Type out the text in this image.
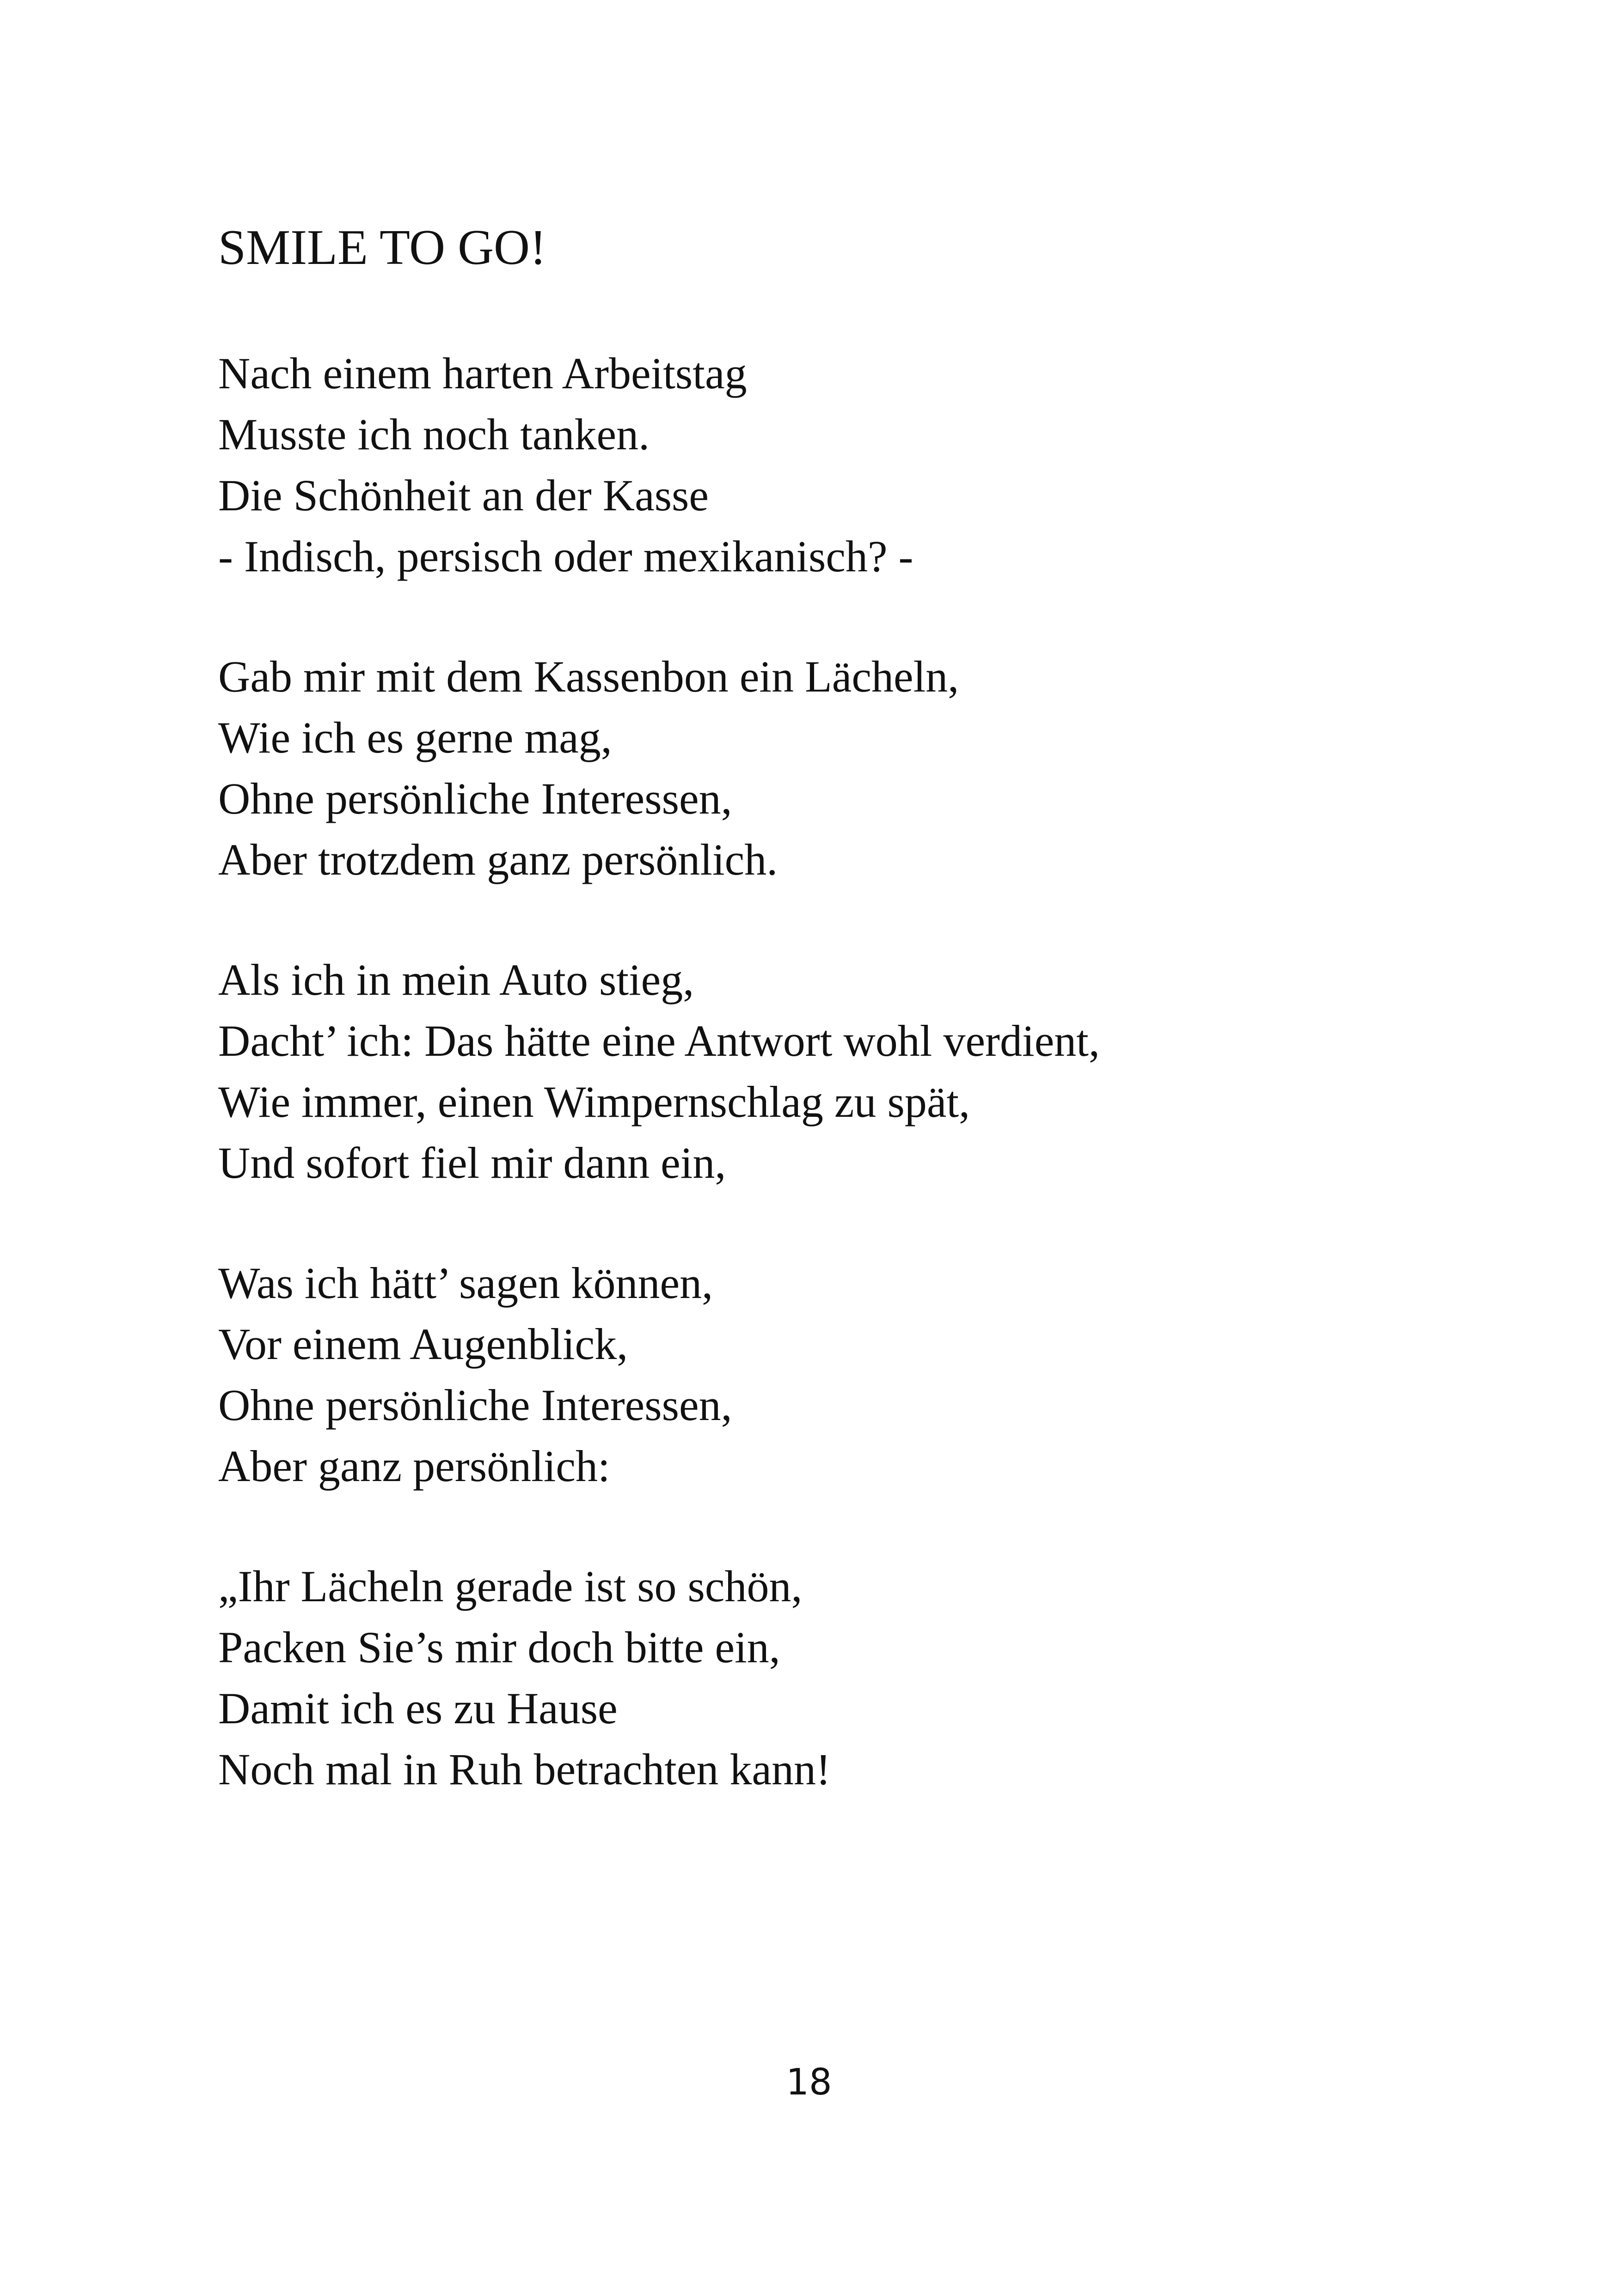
SMILE TO GO!
Nach einem harten Arbeitstag
Musste ich noch tanken.
Die Schönheit an der Kasse
- Indisch, persisch oder mexikanisch? -
Gab mir mit dem Kassenbon ein Lächeln,
Wie ich es gerne mag,
Ohne persönliche Interessen,
Aber trotzdem ganz persönlich.
Als ich in mein Auto stieg,
Dacht’ ich: Das hätte eine Antwort wohl verdient,
Wie immer, einen Wimpernschlag zu spät,
Und sofort fiel mir dann ein,
Was ich hätt’ sagen können,
Vor einem Augenblick,
Ohne persönliche Interessen,
Aber ganz persönlich:
„Ihr Lächeln gerade ist so schön,
Packen Sie’s mir doch bitte ein,
Damit ich es zu Hause
Noch mal in Ruh betrachten kann!
18
